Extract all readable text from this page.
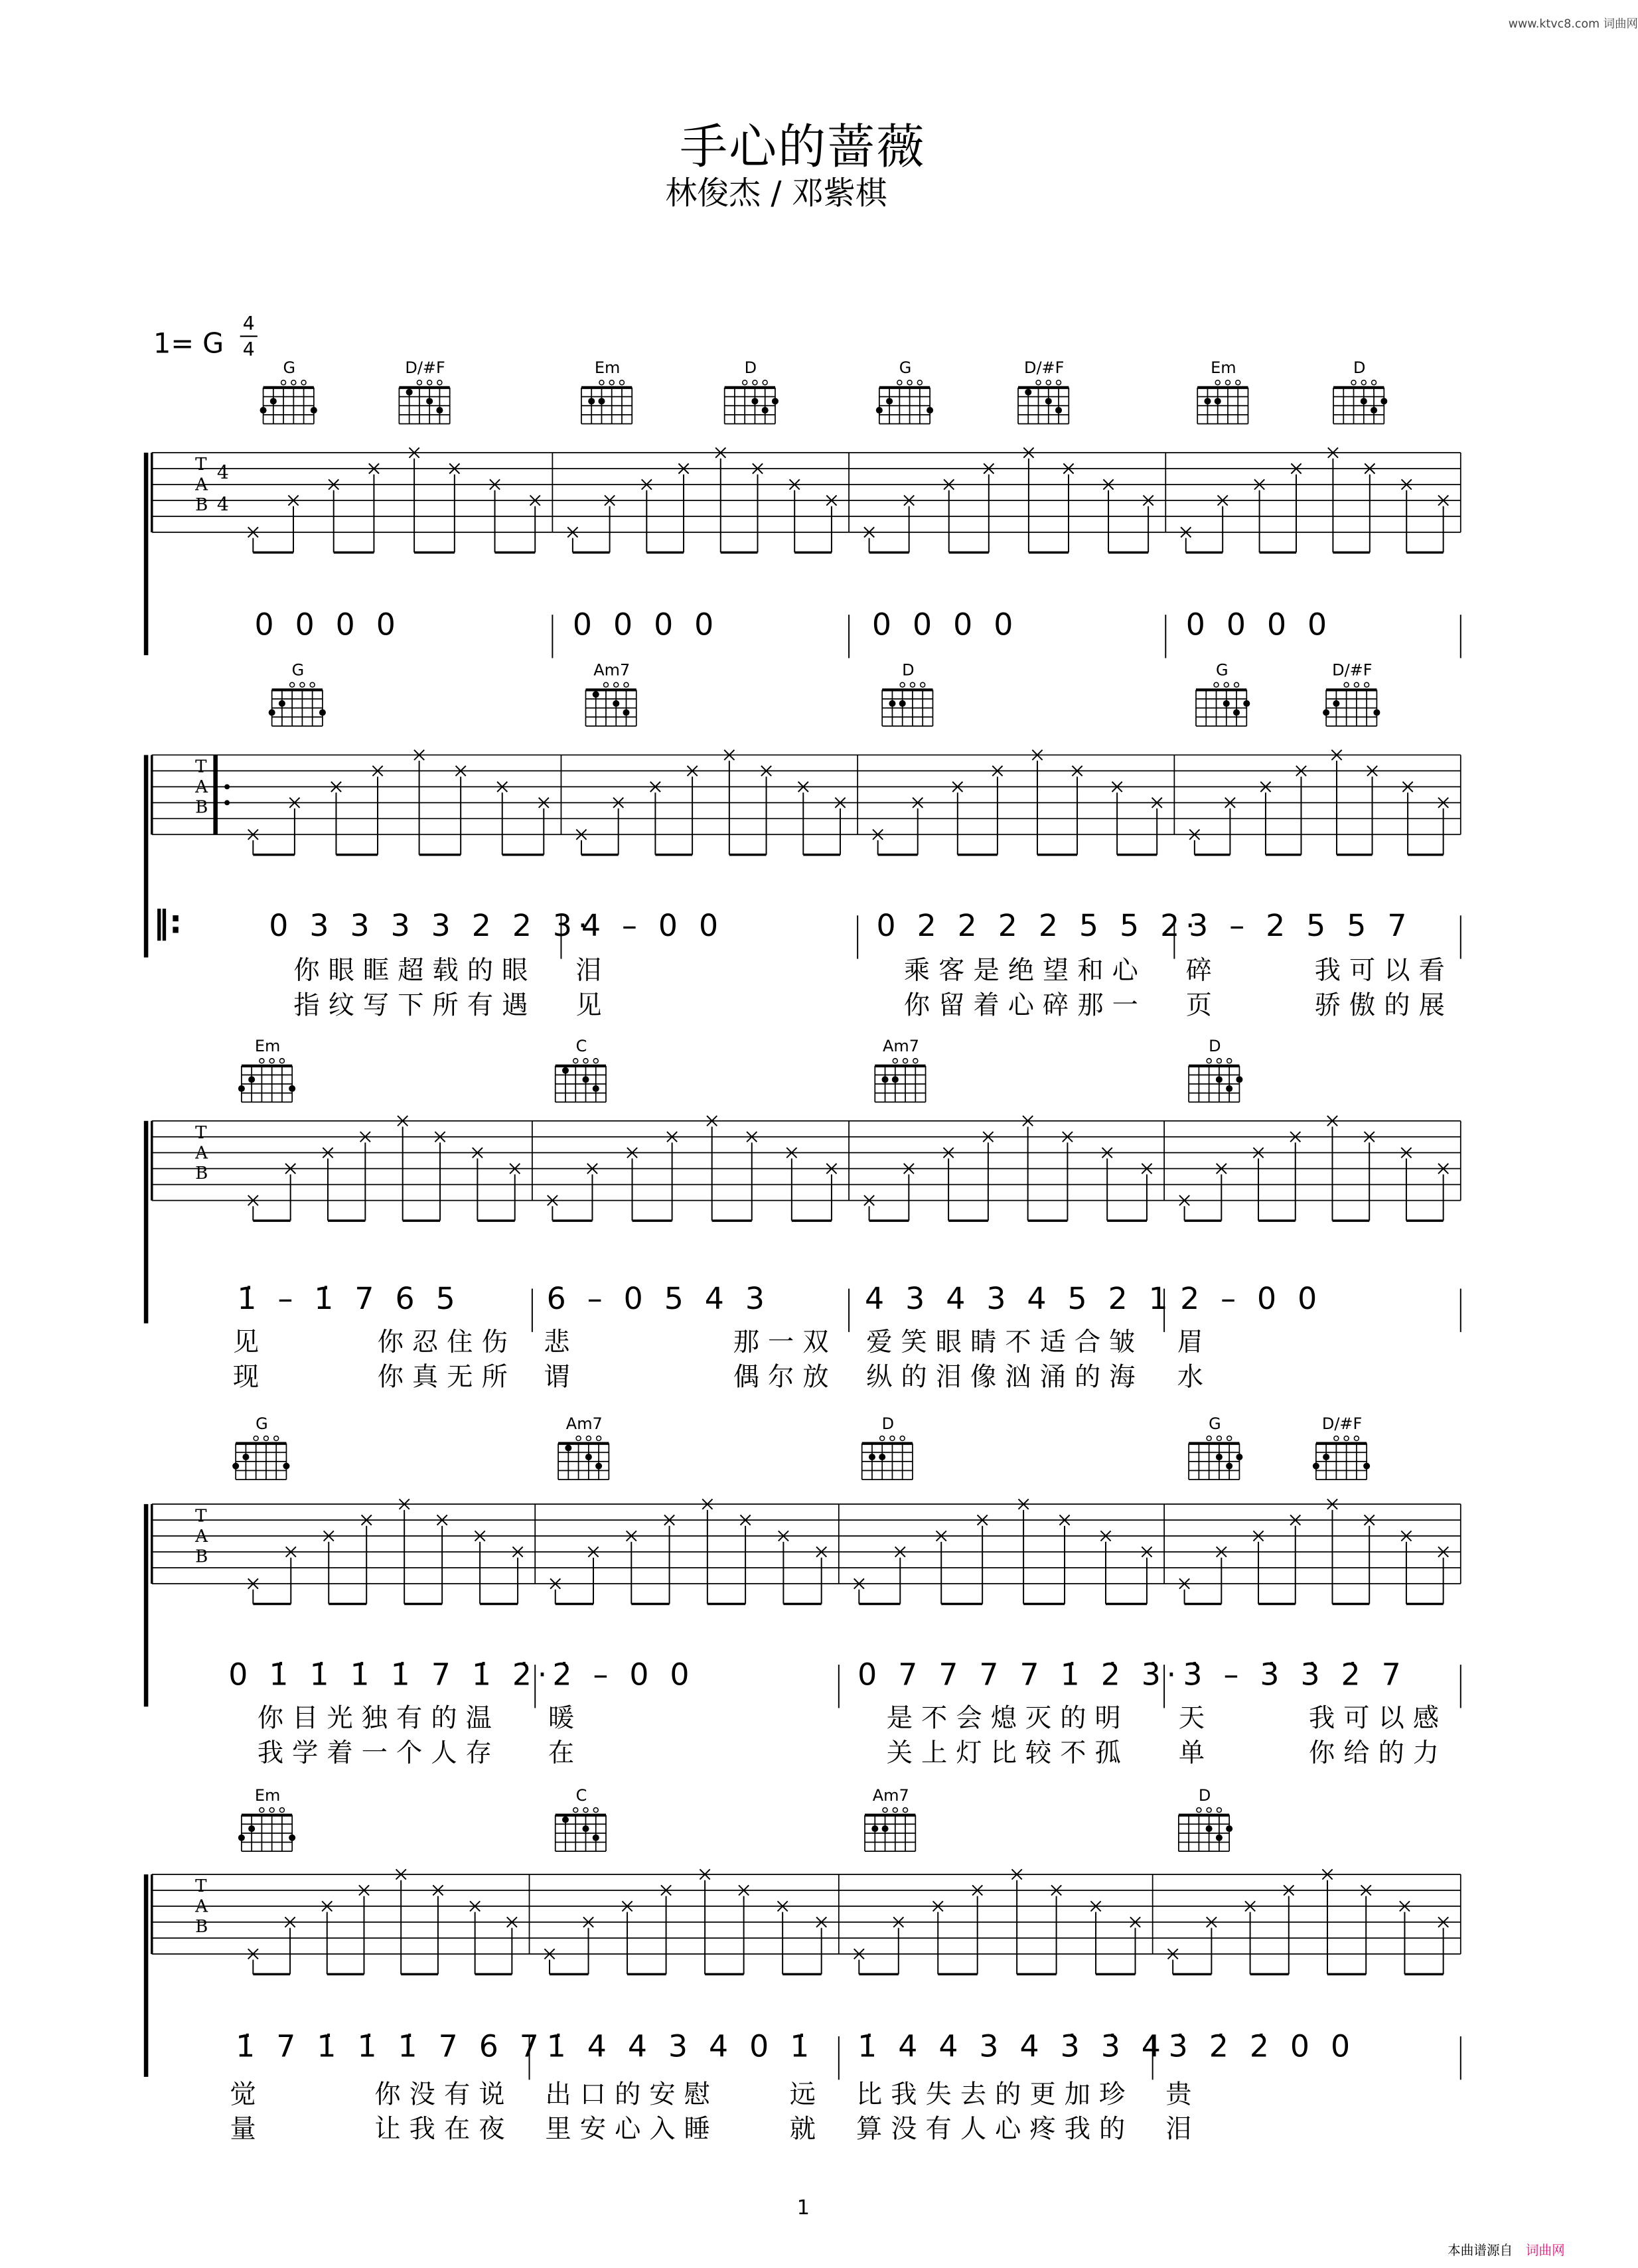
www.ktvc8.com 词曲网
手心的蔷薇
林俊杰 / 邓紫棋
1= G
4
4
G	D/#F	Em	D	G	D/#F	Em	D
T
A
B
4
4
0 0 0 0	0 0 0 0	0 0 0 0	0 0 0 0
G	Am7	D	G	D/#F
T
A
B
0 3 3 3 3 2 2 3·
4 – 0 0	0 2 2 2 2 5 5 2·
3 – 2 5 5 7
‖:
你眼眶超载的眼	泪	乘客是绝望和心	碎	我可以看
指纹写下所有遇	见	你留着心碎那一	页	骄傲的展
Em	C	Am7	D
T
A
B
1̇ – 1̇ 7 6 5	6 – 0 5 4 3	4 3 4 3 4 5 2 1 2 – 0 0
见	你忍住伤 悲	那一双 爱笑眼睛不适合皱	眉
现	你真无所 谓	偶尔放 纵的泪像汹涌的海	水
G	Am7	D	G	D/#F
T
A
B
0 1̇ 1̇ 1̇ 1̇ 7 1̇ 2̇· 2̇ – 0 0	0 7 7 7 7 1̇ 2̇ 3̇· 3̇ – 3̇ 3̇ 2̇ 7
你目光独有的温	暖	是不会熄灭的明	天	我可以感
我学着一个人存	在	关上灯比较不孤	单	你给的力
Em	C	Am7	D
T
A
B
1̇ 7 1̇ 1̇ 1̇ 7 6 7 1̇ 4 4 3 4 0 1̇	1̇ 4 4 3 4 3̇ 3̇ 4 3̇ 2̇ 2̇ 0 0
觉	你没有说	出口的安慰	远	比我失去的更加珍	贵
量	让我在夜	里安心入睡	就	算没有人心疼我的	泪
1
本曲谱源自 词曲网
